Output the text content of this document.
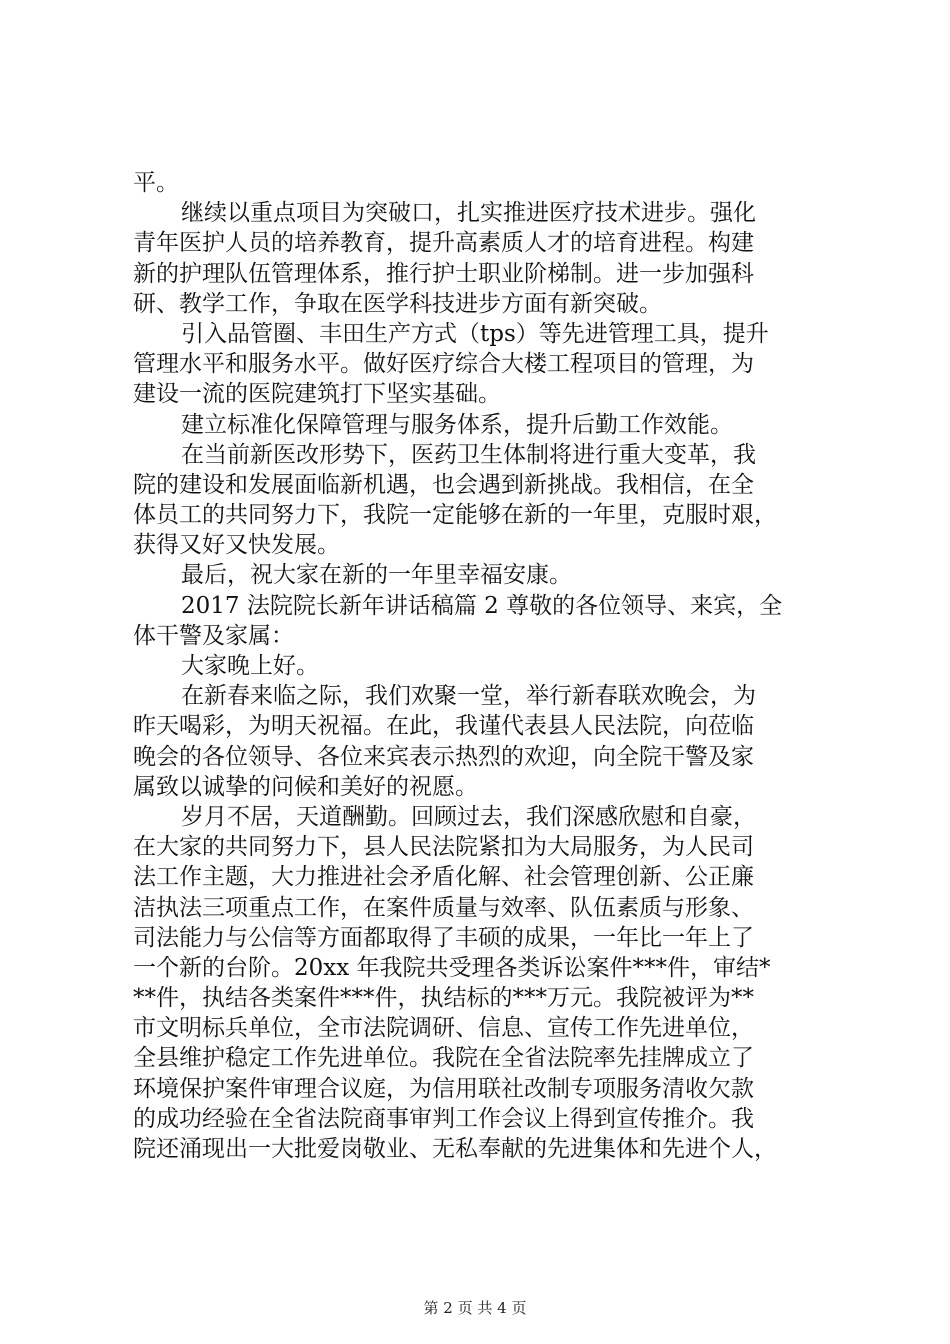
平。
继续以重点项目为突破口，扎实推进医疗技术进步。强化
青年医护人员的培养教育，提升高素质人才的培育进程。构建
新的护理队伍管理体系，推行护士职业阶梯制。进一步加强科
研、教学工作，争取在医学科技进步方面有新突破。
引入品管圈、丰田生产方式（tps）等先进管理工具，提升
管理水平和服务水平。做好医疗综合大楼工程项目的管理，为
建设一流的医院建筑打下坚实基础。
建立标准化保障管理与服务体系，提升后勤工作效能。
在当前新医改形势下，医药卫生体制将进行重大变革，我
院的建设和发展面临新机遇，也会遇到新挑战。我相信，在全
体员工的共同努力下，我院一定能够在新的一年里，克服时艰，
获得又好又快发展。
最后，祝大家在新的一年里幸福安康。
2017 法院院长新年讲话稿篇 2 尊敬的各位领导、来宾，全
体干警及家属：
大家晚上好。
在新春来临之际，我们欢聚一堂，举行新春联欢晚会，为
昨天喝彩，为明天祝福。在此，我谨代表县人民法院，向莅临
晚会的各位领导、各位来宾表示热烈的欢迎，向全院干警及家
属致以诚挚的问候和美好的祝愿。
岁月不居，天道酬勤。回顾过去，我们深感欣慰和自豪，
在大家的共同努力下，县人民法院紧扣为大局服务，为人民司
法工作主题，大力推进社会矛盾化解、社会管理创新、公正廉
洁执法三项重点工作，在案件质量与效率、队伍素质与形象、
司法能力与公信等方面都取得了丰硕的成果，一年比一年上了
一个新的台阶。20xx 年我院共受理各类诉讼案件***件，审结*
**件，执结各类案件***件，执结标的***万元。我院被评为**
市文明标兵单位，全市法院调研、信息、宣传工作先进单位，
全县维护稳定工作先进单位。我院在全省法院率先挂牌成立了
环境保护案件审理合议庭，为信用联社改制专项服务清收欠款
的成功经验在全省法院商事审判工作会议上得到宣传推介。我
院还涌现出一大批爱岗敬业、无私奉献的先进集体和先进个人，
第 2 页 共 4 页
